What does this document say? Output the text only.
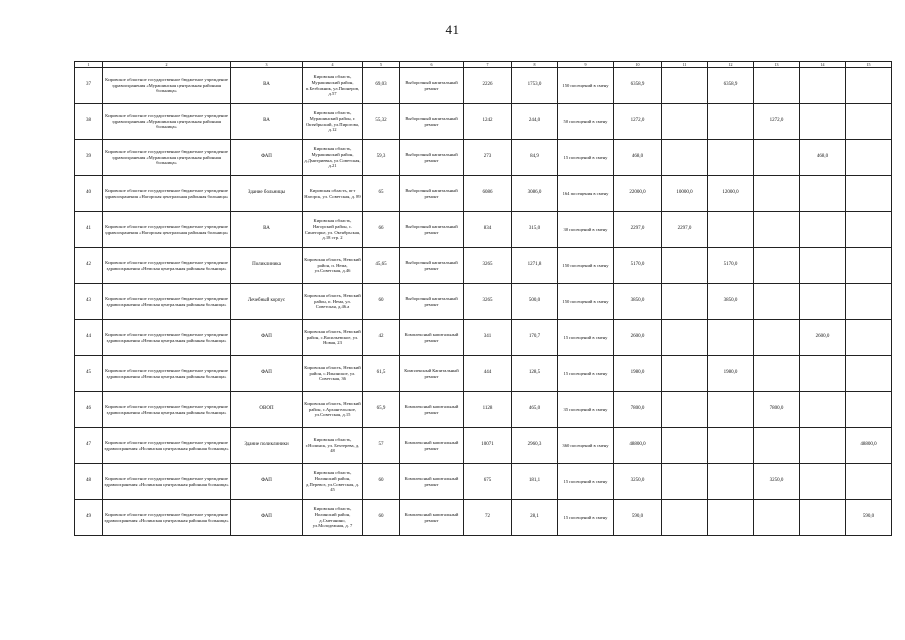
41
1	2	3	4	5	6	7	8	9	10	11	12	13	14	15
37	Кировское областное государственное бюджетное учреждение здравоохранения «Мурашинская центральная районная больница»	ВА	Кировская область, Мурашинский район, п.Безбожник, ул.Пионеров, д.57	69,03	Выборочный капитальный ремонт	2226	1753,0	150 посещений в смену	6358,9		6358,9			
38	Кировское областное государственное бюджетное учреждение здравоохранения «Мурашинская центральная районная больница»	ВА	Кировская область, Мурашинский район, г. Октябрьский, ул.Пирогова, д.12	55,32	Выборочный капитальный ремонт	1242	244,0	50 посещений в смену	1272,0			1272,0		
39	Кировское областное государственное бюджетное учреждение здравоохранения «Мурашинская центральная районная больница»	ФАП	Кировская область, Мурашинский район, д.Дмитриевка, ул.Советская, д.21	59,3	Выборочный капитальный ремонт	273	84,9	15 посещений в смену	468,0				468,0	
40	Кировское областное государственное бюджетное учреждение здравоохранения «Нагорская центральная районная больница»	Здание больницы	Кировская область, пгт Нагорск, ул. Советская, д. 89	65	Выборочный капитальный ремонт	6086	3086,0	164 посещения в смену	22000,0	10000,0	12000,0			
41	Кировское областное государственное бюджетное учреждение здравоохранения «Нагорская центральная районная больница»	ВА	Кировская область, Нагорский район, с. Синегорье, ул. Октябрьская, д.18 стр. 2	66	Выборочный капитальный ремонт	834	315,0	30 посещений в смену	2297,0	2297,0				
42	Кировское областное государственное бюджетное учреждение здравоохранения «Немская центральная районная больница»	Поликлиника	Кировская область, Немский район, п. Нема, ул.Советская, д.46	45,65	Выборочный капитальный ремонт	3265	1271,8	150 посещений в смену	5170,0		5170,0			
43	Кировское областное государственное бюджетное учреждение здравоохранения «Немская центральная районная больница»	Лечебный корпус	Кировская область, Немский район, п. Нема, ул. Советская, д.46.а	60	Выборочный капитальный ремонт	3265	500,0	150 посещений в смену	3850,0		3850,0			
44	Кировское областное государственное бюджетное учреждение здравоохранения «Немская центральная районная больница»	ФАП	Кировская область, Немский район, с.Васильевское, ул. Новая, 23	42	Комплексный капитальный ремонт	341	170,7	15 посещений в смену	2600,0				2600,0	
45	Кировское областное государственное бюджетное учреждение здравоохранения «Немская центральная районная больница»	ФАП	Кировская область, Немский район, с.Ильинское, ул. Советская, 36	61,5	Комплексный Капитальный ремонт	444	128,5	15 посещений в смену	1980,0		1980,0			
46	Кировское областное государственное бюджетное учреждение здравоохранения «Немская центральная районная больница»	ОВОП	Кировская область, Немский район, с.Архангельское, ул.Советская, д.15	65,9	Комплексный капитальный ремонт	1128	465,0	35 посещений в смену	7800,0			7800,0		
47	Кировское областное государственное бюджетное учреждение здравоохранения «Нолинская центральная районная больница»	Здание поликлиники	Кировская область, г.Нолинск, ул. Бехтерева, д. 48	57	Комплексный капитальный ремонт	10071	2960,3	360 посещений в смену	48800,0					48800,0
48	Кировское областное государственное бюджетное учреждение здравоохранения «Нолинская центральная районная больница»	ФАП	Кировская область, Нолинский район, д.Перевоз, ул.Советская, д. 45	60	Комплексный капитальный ремонт	675	181,1	15 посещений в смену	3250,0			3250,0		
49	Кировское областное государственное бюджетное учреждение здравоохранения «Нолинская центральная районная больница»	ФАП	Кировская область, Нолинский район, д.Сметанино, ул.Молодежная, д. 7	60	Комплексный капитальный ремонт	72	28,1	15 посещений в смену	590,0					590,0
